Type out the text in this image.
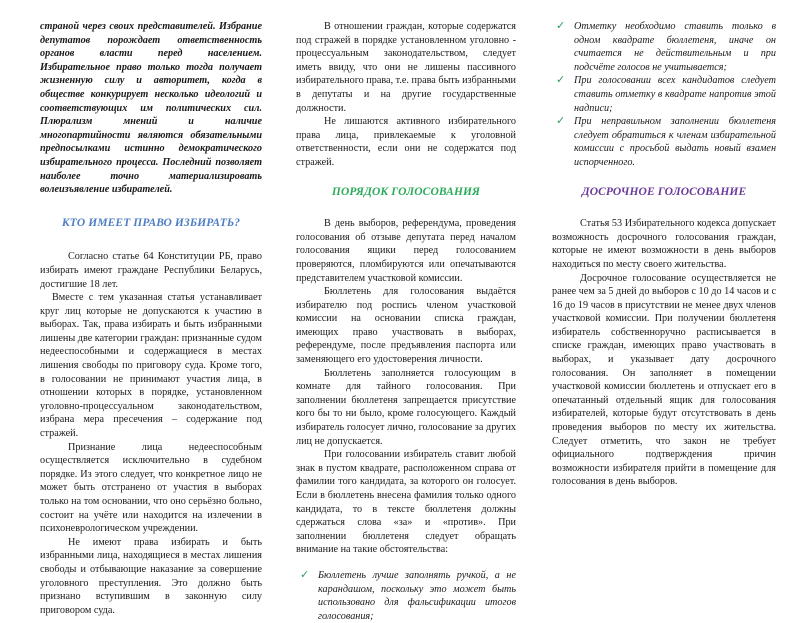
страной через своих представителей. Избрание депутатов порождает ответственность органов власти перед населением. Избирательное право только тогда получает жизненную силу и авторитет, когда в обществе конкурирует несколько идеологий и соответствующих им политических сил. Плюрализм мнений и наличие многопартийности являются обязательными предпосылками истинно демократического избирательного процесса. Последний позволяет наиболее точно материализировать волеизъявление избирателей.

КТО ИМЕЕТ ПРАВО ИЗБИРАТЬ?

Согласно статье 64 Конституции РБ, право избирать имеют граждане Республики Беларусь, достигшие 18 лет.

Вместе с тем указанная статья устанавливает круг лиц которые не допускаются к участию в выборах. Так, права избирать и быть избранными лишены две категории граждан: признанные судом недееспособными и содержащиеся в местах лишения свободы по приговору суда. Кроме того, в голосовании не принимают участия лица, в отношении которых в порядке, установленном уголовно-процессуальном законодательством, избрана мера пресечения – содержание под стражей.

Признание лица недееспособным осуществляется исключительно в судебном порядке. Из этого следует, что конкретное лицо не может быть отстранено от участия в выборах только на том основании, что оно серьёзно больно, состоит на учёте или находится на излечении в психоневрологическом учреждении.

Не имеют права избирать и быть избранными лица, находящиеся в местах лишения свободы и отбывающие наказание за совершение уголовного преступления. Это должно быть признано вступившим в законную силу приговором суда.

В отношении граждан, которые содержатся под стражей в порядке установленном уголовно - процессуальным законодательством, следует иметь ввиду, что они не лишены пассивного избирательного права, т.е. права быть избранными в депутаты и на другие государственные должности.

Не лишаются активного избирательного права лица, привлекаемые к уголовной ответственности, если они не содержатся под стражей.

ПОРЯДОК ГОЛОСОВАНИЯ

В день выборов, референдума, проведения голосования об отзыве депутата перед началом голосования ящики перед голосованием проверяются, пломбируются или опечатываются представителем участковой комиссии.

Бюллетень для голосования выдаётся избирателю под роспись членом участковой комиссии на основании списка граждан, имеющих право участвовать в выборах, референдуме, после предъявления паспорта или заменяющего его удостоверения личности.

Бюллетень заполняется голосующим в комнате для тайного голосования. При заполнении бюллетеня запрещается присутствие кого бы то ни было, кроме голосующего. Каждый избиратель голосует лично, голосование за других лиц не допускается.

При голосовании избиратель ставит любой знак в пустом квадрате, расположенном справа от фамилии того кандидата, за которого он голосует. Если в бюллетень внесена фамилия только одного кандидата, то в тексте бюллетеня должны сдержаться слова «за» и «против». При заполнении бюллетеня следует обращать внимание на такие обстоятельства:

✓ Бюллетень лучше заполнять ручкой, а не карандашом, поскольку это может быть использовано для фальсификации итогов голосования;
✓ Отметку необходимо ставить только в одном квадрате бюллетеня, иначе он считается не действительным и при подсчёте голосов не учитывается;
✓ При голосовании всех кандидатов следует ставить отметку в квадрате напротив этой надписи;
✓ При неправильном заполнении бюллетеня следует обратиться к членам избирательной комиссии с просьбой выдать новый взамен испорченного.
ДОСРОЧНОЕ ГОЛОСОВАНИЕ

Статья 53 Избирательного кодекса допускает возможность досрочного голосования граждан, которые не имеют возможности в день выборов находиться по месту своего жительства.

Досрочное голосование осуществляется не ранее чем за 5 дней до выборов с 10 до 14 часов и с 16 до 19 часов в присутствии не менее двух членов участковой комиссии. При получении бюллетеня избиратель собственноручно расписывается в списке граждан, имеющих право участвовать в выборах, и указывает дату досрочного голосования. Он заполняет в помещении участковой комиссии бюллетень и отпускает его в опечатанный отдельный ящик для голосования избирателей, которые будут отсутствовать в день проведения выборов по месту их жительства. Следует отметить, что закон не требует официального подтверждения причин возможности избирателя прийти в помещение для голосования в день выборов.
